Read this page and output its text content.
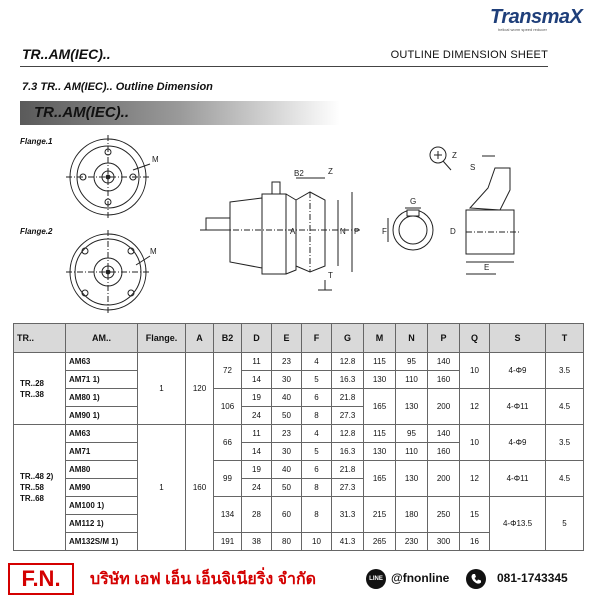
TransmaX
helical worm speed reducer
TR..AM(IEC)..	OUTLINE DIMENSION SHEET
7.3 TR.. AM(IEC).. Outline Dimension
TR..AM(IEC)..
Flange.1
Flange.2
M
M
B2	Z
A	N P
T
G
F	D
S
E
Z
TR..	AM..	Flange.	A	B2	D	E	F	G	M	N	P	Q	S	T
TR..28
TR..38	AM63	1	120	72	11	23	4	12.8	115	95	140	10	4-Φ9	3.5
	AM71 1)				14	30	5	16.3	130	110	160			
	AM80 1)			106	19	40	6	21.8	165	130	200	12	4-Φ11	4.5
	AM90 1)				24	50	8	27.3						
TR..48 2)
TR..58
TR..68	AM63	1	160	66	11	23	4	12.8	115	95	140	10	4-Φ9	3.5
	AM71				14	30	5	16.3	130	110	160			
	AM80			99	19	40	6	21.8	165	130	200	12	4-Φ11	4.5
	AM90				24	50	8	27.3						
	AM100 1)			134	28	60	8	31.3	215	180	250	15	4-Φ13.5	5
	AM112 1)													
	AM132S/M 1)			191	38	80	10	41.3	265	230	300	16		
F.N.	บริษัท เอฟ เอ็น เอ็นจิเนียริ่ง จำกัด	LINE @fnonline	081-1743345
